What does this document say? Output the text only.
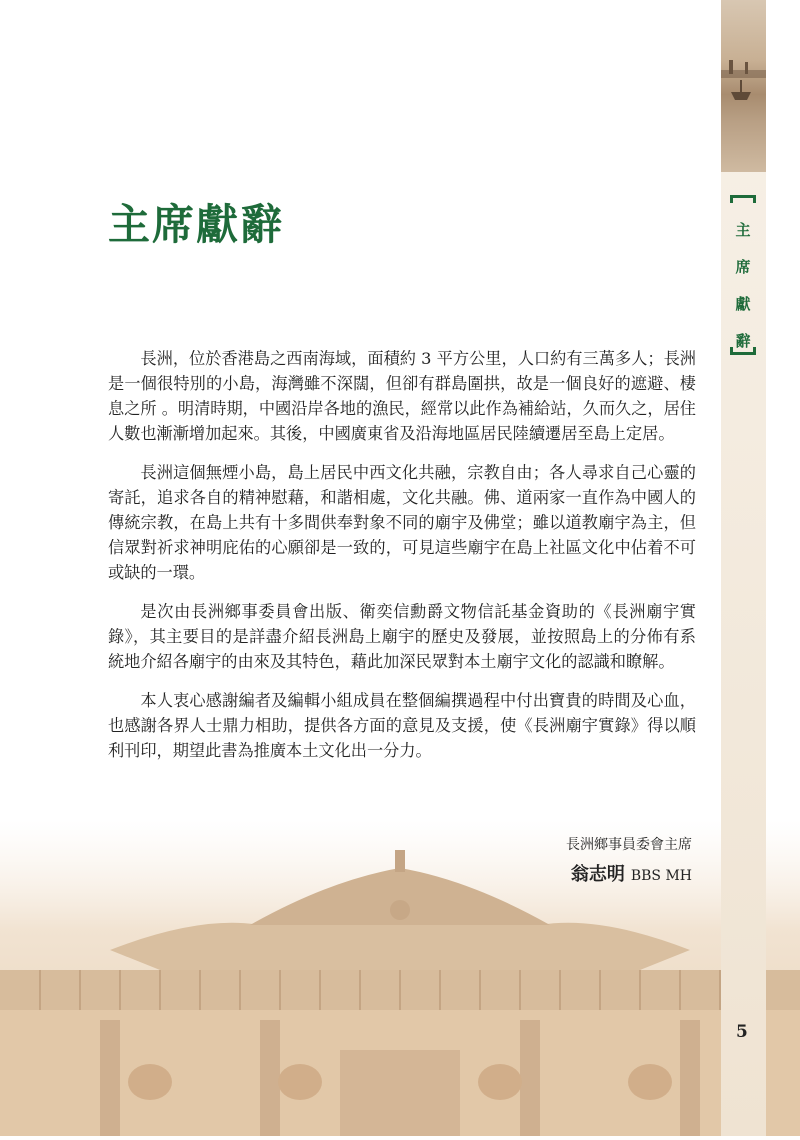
主
席
獻
辭
主席獻辭

長洲，位於香港島之西南海域，面積約 3 平方公里，人口約有三萬多人；長洲是一個很特別的小島，海灣雖不深闊，但卻有群島圍拱，故是一個良好的遮避、棲息之所 。明清時期，中國沿岸各地的漁民，經常以此作為補給站，久而久之，居住人數也漸漸增加起來。其後，中國廣東省及沿海地區居民陸續遷居至島上定居。

長洲這個無煙小島，島上居民中西文化共融，宗教自由；各人尋求自己心靈的寄託，追求各自的精神慰藉，和諧相處，文化共融。佛、道兩家一直作為中國人的傳統宗教，在島上共有十多間供奉對象不同的廟宇及佛堂；雖以道教廟宇為主，但信眾對祈求神明庇佑的心願卻是一致的，可見這些廟宇在島上社區文化中佔着不可或缺的一環。

是次由長洲鄉事委員會出版、衛奕信勳爵文物信託基金資助的《長洲廟宇實錄》，其主要目的是詳盡介紹長洲島上廟宇的歷史及發展，並按照島上的分佈有系統地介紹各廟宇的由來及其特色，藉此加深民眾對本土廟宇文化的認識和瞭解。

本人衷心感謝編者及編輯小組成員在整個編撰過程中付出寶貴的時間及心血，也感謝各界人士鼎力相助，提供各方面的意見及支援，使《長洲廟宇實錄》得以順利刊印，期望此書為推廣本土文化出一分力。

長洲鄉事員委會主席
翁志明 BBS MH
5
